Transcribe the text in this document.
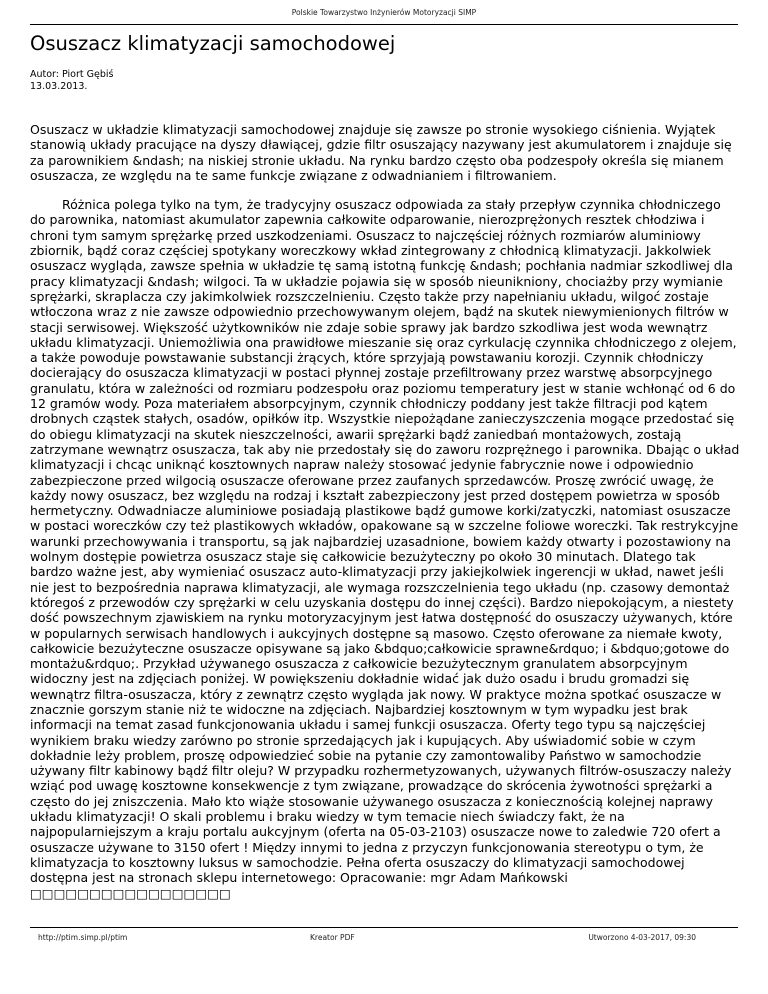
Polskie Towarzystwo Inżynierów Motoryzacji SIMP
Osuszacz klimatyzacji samochodowej
Autor: Piort Gębiś
13.03.2013.

Osuszacz w układzie klimatyzacji samochodowej znajduje się zawsze po stronie wysokiego ciśnienia. Wyjątek stanowią układy pracujące na dyszy dławiącej, gdzie filtr osuszający nazywany jest akumulatorem i znajduje się za parownikiem &ndash; na niskiej stronie układu. Na rynku bardzo często oba podzespoły określa się mianem osuszacza, ze względu na te same funkcje związane z odwadnianiem i filtrowaniem.

Różnica polega tylko na tym, że tradycyjny osuszacz odpowiada za stały przepływ czynnika chłodniczego do parownika, natomiast akumulator zapewnia całkowite odparowanie, nierozprężonych resztek chłodziwa i chroni tym samym sprężarkę przed uszkodzeniami. Osuszacz to najczęściej różnych rozmiarów aluminiowy zbiornik, bądź coraz częściej spotykany woreczkowy wkład zintegrowany z chłodnicą klimatyzacji. Jakkolwiek osuszacz wygląda, zawsze spełnia w układzie tę samą istotną funkcję &ndash; pochłania nadmiar szkodliwej dla pracy klimatyzacji &ndash; wilgoci. Ta w układzie pojawia się w sposób nieunikniony, chociażby przy wymianie sprężarki, skraplacza czy jakimkolwiek rozszczelnieniu. Często także przy napełnianiu układu, wilgoć zostaje wtłoczona wraz z nie zawsze odpowiednio przechowywanym olejem, bądź na skutek niewymienionych filtrów w stacji serwisowej. Większość użytkowników nie zdaje sobie sprawy jak bardzo szkodliwa jest woda wewnątrz układu klimatyzacji. Uniemożliwia ona prawidłowe mieszanie się oraz cyrkulację czynnika chłodniczego z olejem, a także powoduje powstawanie substancji żrących, które sprzyjają powstawaniu korozji. Czynnik chłodniczy docierający do osuszacza klimatyzacji w postaci płynnej zostaje przefiltrowany przez warstwę absorpcyjnego granulatu, która w zależności od rozmiaru podzespołu oraz poziomu temperatury jest w stanie wchłonąć od 6 do 12 gramów wody. Poza materiałem absorpcyjnym, czynnik chłodniczy poddany jest także filtracji pod kątem drobnych cząstek stałych, osadów, opiłków itp. Wszystkie niepożądane zanieczyszczenia mogące przedostać się do obiegu klimatyzacji na skutek nieszczelności, awarii sprężarki bądź zaniedbań montażowych, zostają zatrzymane wewnątrz osuszacza, tak aby nie przedostały się do zaworu rozprężnego i parownika. Dbając o układ klimatyzacji i chcąc uniknąć kosztownych napraw należy stosować jedynie fabrycznie nowe i odpowiednio zabezpieczone przed wilgocią osuszacze oferowane przez zaufanych sprzedawców. Proszę zwrócić uwagę, że każdy nowy osuszacz, bez względu na rodzaj i kształt zabezpieczony jest przed dostępem powietrza w sposób hermetyczny. Odwadniacze aluminiowe posiadają plastikowe bądź gumowe korki/zatyczki, natomiast osuszacze w postaci woreczków czy też plastikowych wkładów, opakowane są w szczelne foliowe woreczki. Tak restrykcyjne warunki przechowywania i transportu, są jak najbardziej uzasadnione, bowiem każdy otwarty i pozostawiony na wolnym dostępie powietrza osuszacz staje się całkowicie bezużyteczny po około 30 minutach. Dlatego tak bardzo ważne jest, aby wymieniać osuszacz auto-klimatyzacji przy jakiejkolwiek ingerencji w układ, nawet jeśli nie jest to bezpośrednia naprawa klimatyzacji, ale wymaga rozszczelnienia tego układu (np. czasowy demontaż któregoś z przewodów czy sprężarki w celu uzyskania dostępu do innej części). Bardzo niepokojącym, a niestety dość powszechnym zjawiskiem na rynku motoryzacyjnym jest łatwa dostępność do osuszaczy używanych, które w popularnych serwisach handlowych i aukcyjnych dostępne są masowo. Często oferowane za niemałe kwoty, całkowicie bezużyteczne osuszacze opisywane są jako &bdquo;całkowicie sprawne&rdquo; i &bdquo;gotowe do montażu&rdquo;. Przykład używanego osuszacza z całkowicie bezużytecznym granulatem absorpcyjnym widoczny jest na zdjęciach poniżej. W powiększeniu dokładnie widać jak dużo osadu i brudu gromadzi się wewnątrz filtra-osuszacza, który z zewnątrz często wygląda jak nowy. W praktyce można spotkać osuszacze w znacznie gorszym stanie niż te widoczne na zdjęciach. Najbardziej kosztownym w tym wypadku jest brak informacji na temat zasad funkcjonowania układu i samej funkcji osuszacza. Oferty tego typu są najczęściej wynikiem braku wiedzy zarówno po stronie sprzedających jak i kupujących. Aby uświadomić sobie w czym dokładnie leży problem, proszę odpowiedzieć sobie na pytanie czy zamontowaliby Państwo w samochodzie używany filtr kabinowy bądź filtr oleju? W przypadku rozhermetyzowanych, używanych filtrów-osuszaczy należy wziąć pod uwagę kosztowne konsekwencje z tym związane, prowadzące do skrócenia żywotności sprężarki a często do jej zniszczenia. Mało kto wiąże stosowanie używanego osuszacza z koniecznością kolejnej naprawy układu klimatyzacji! O skali problemu i braku wiedzy w tym temacie niech świadczy fakt, że na najpopularniejszym a kraju portalu aukcyjnym (oferta na 05-03-2103) osuszacze nowe to zaledwie 720 ofert a osuszacze używane to 3150 ofert ! Między innymi to jedna z przyczyn funkcjonowania stereotypu o tym, że klimatyzacja to kosztowny luksus w samochodzie. Pełna oferta osuszaczy do klimatyzacji samochodowej dostępna jest na stronach sklepu internetowego: Opracowanie: mgr Adam Mańkowski □□□□□□□□□□□□□□□□□

http://ptim.simp.pl/ptim	Kreator PDF	Utworzono 4-03-2017, 09:30
